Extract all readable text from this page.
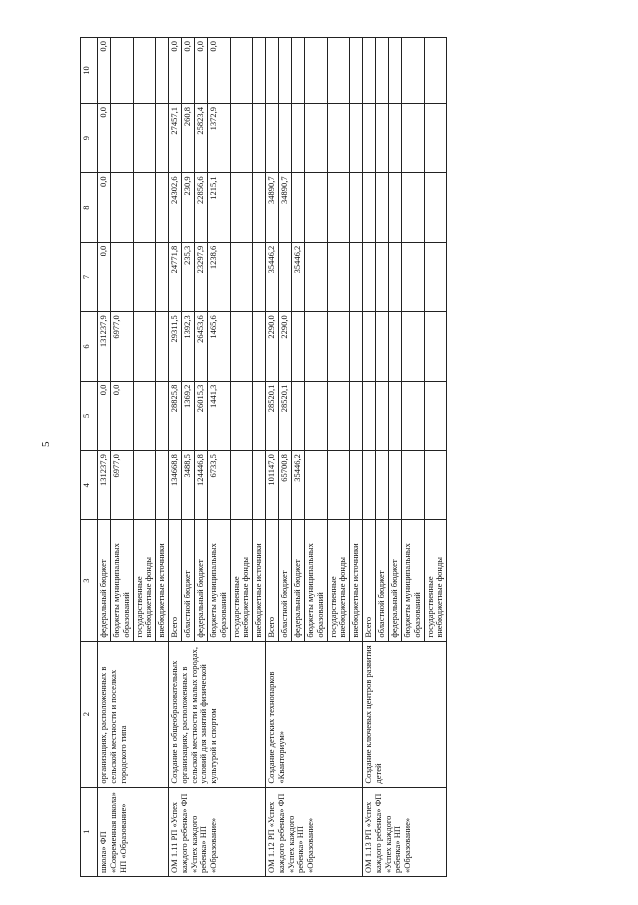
5
1	2	3	4	5	6	7	8	9	10
школа» ФП «Современная школа» НП «Образование»	организациях, расположенных в сельской местности и поселках городского типа	федеральный бюджет	131237,9	0,0	131237,9	0,0	0,0	0,0	0,0
		бюджеты муниципальных образований	6977,0	0,0	6977,0				
		государственные внебюджетные фонды							
		внебюджетные источники							
ОМ 1.11 РП «Успех каждого ребенка» ФП «Успех каждого ребенка» НП «Образование»	Создание в общеобразовательных организациях, расположенных в сельской местности и малых городах, условий для занятий физической культурой и спортом	Всего	134668,8	28825,8	29311,5	24771,8	24302,6	27457,1	0,0
		областной бюджет	3488,5	1369,2	1392,3	235,3	230,9	260,8	0,0
		федеральный бюджет	124446,8	26015,3	26453,6	23297,9	22856,6	25823,4	0,0
		бюджеты муниципальных образований	6733,5	1441,3	1465,6	1238,6	1215,1	1372,9	0,0
		государственные внебюджетные фонды							
		внебюджетные источники							
ОМ 1.12 РП «Успех каждого ребенка» ФП «Успех каждого ребенка» НП «Образование»	Создание детских технопарков «Кванториум»	Всего	101147,0	28520,1	2290,0	35446,2	34890,7		
		областной бюджет	65700,8	28520,1	2290,0		34890,7		
		федеральный бюджет	35446,2			35446,2			
		бюджеты муниципальных образований							
		государственные внебюджетные фонды							
		внебюджетные источники							
ОМ 1.13 РП «Успех каждого ребенка» ФП «Успех каждого ребенка» НП «Образование»	Создание ключевых центров развития детей	Всего							
		областной бюджет							
		федеральный бюджет							
		бюджеты муниципальных образований							
		государственные внебюджетные фонды							
